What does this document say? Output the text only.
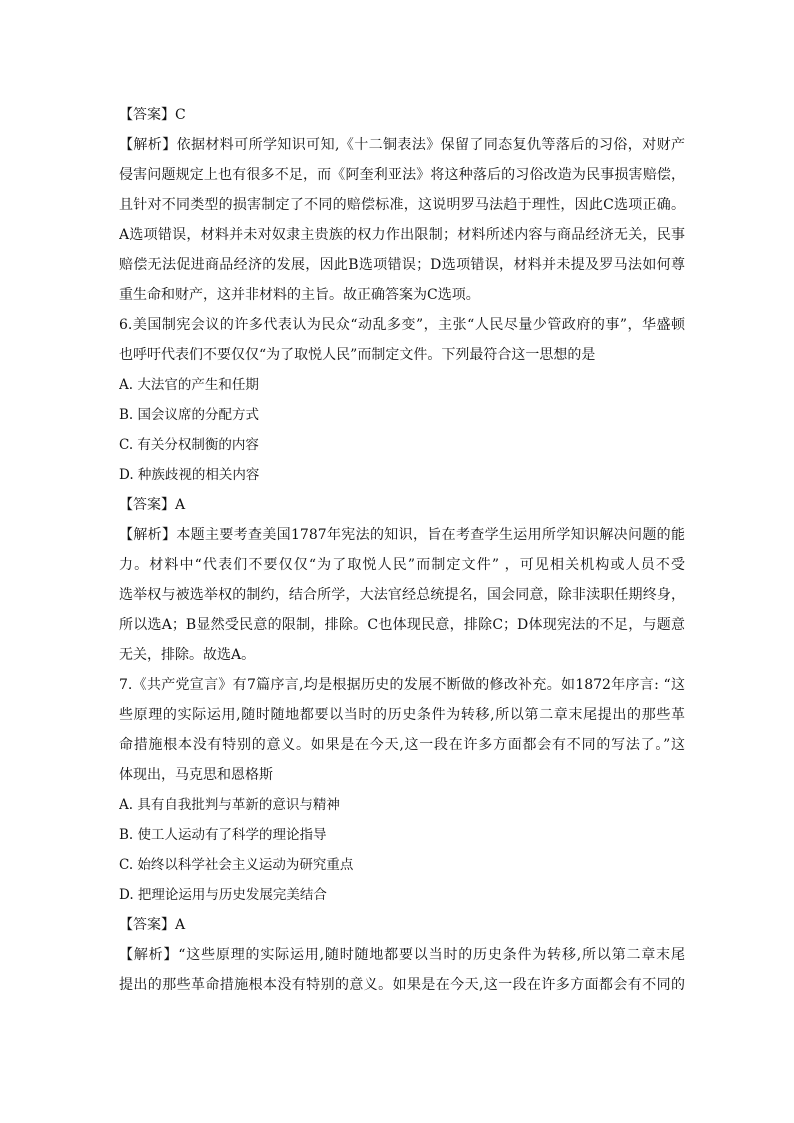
【答案】C
【解析】依据材料可所学知识可知,《十二铜表法》保留了同态复仇等落后的习俗，对财产
侵害问题规定上也有很多不足，而《阿奎利亚法》将这种落后的习俗改造为民事损害赔偿，
且针对不同类型的损害制定了不同的赔偿标准，这说明罗马法趋于理性，因此C选项正确。
A选项错误，材料并未对奴隶主贵族的权力作出限制；材料所述内容与商品经济无关，民事
赔偿无法促进商品经济的发展，因此B选项错误；D选项错误，材料并未提及罗马法如何尊
重生命和财产，这并非材料的主旨。故正确答案为C选项。
6.美国制宪会议的许多代表认为民众“动乱多变”，主张“人民尽量少管政府的事”，华盛顿
也呼吁代表们不要仅仅“为了取悦人民”而制定文件。下列最符合这一思想的是
A. 大法官的产生和任期
B. 国会议席的分配方式
C. 有关分权制衡的内容
D. 种族歧视的相关内容
【答案】A
【解析】本题主要考查美国1787年宪法的知识，旨在考查学生运用所学知识解决问题的能
力。材料中“代表们不要仅仅“为了取悦人民”而制定文件” ，可见相关机构或人员不受
选举权与被选举权的制约，结合所学，大法官经总统提名，国会同意，除非渎职任期终身，
所以选A；B显然受民意的限制，排除。C也体现民意，排除C；D体现宪法的不足，与题意
无关，排除。故选A。
7.《共产党宣言》有7篇序言,均是根据历史的发展不断做的修改补充。如1872年序言: “这
些原理的实际运用,随时随地都要以当时的历史条件为转移,所以第二章末尾提出的那些革
命措施根本没有特别的意义。如果是在今天,这一段在许多方面都会有不同的写法了。”这
体现出，马克思和恩格斯
A. 具有自我批判与革新的意识与精神
B. 使工人运动有了科学的理论指导
C. 始终以科学社会主义运动为研究重点
D. 把理论运用与历史发展完美结合
【答案】A
【解析】“这些原理的实际运用,随时随地都要以当时的历史条件为转移,所以第二章末尾
提出的那些革命措施根本没有特别的意义。如果是在今天,这一段在许多方面都会有不同的
